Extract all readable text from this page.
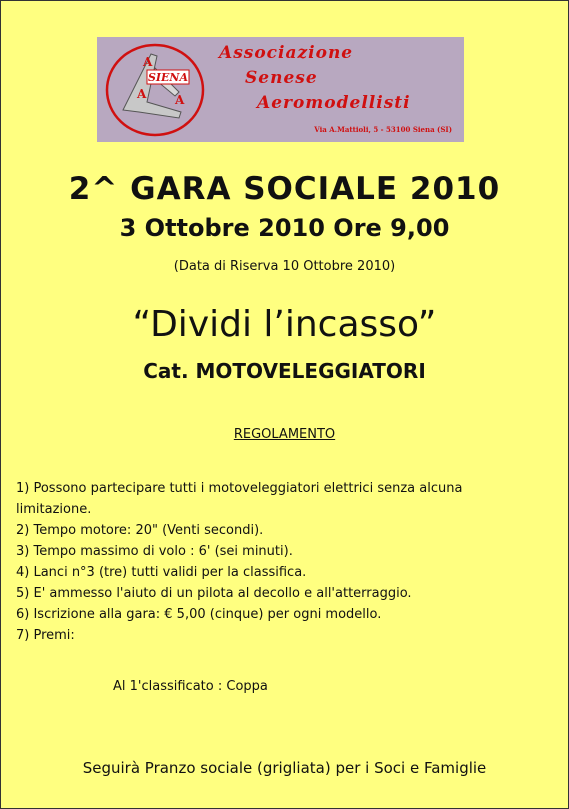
SIENA
A
A A
Associazione
Senese
Aeromodellisti
Via A.Mattioli, 5 - 53100 Siena (SI)
2^ GARA SOCIALE 2010
3 Ottobre 2010 Ore 9,00
(Data di Riserva 10 Ottobre 2010)
“Dividi l’incasso”
Cat. MOTOVELEGGIATORI
REGOLAMENTO
1) Possono partecipare tutti i motoveleggiatori elettrici senza alcuna
limitazione.
2) Tempo motore: 20" (Venti secondi).
3) Tempo massimo di volo : 6' (sei minuti).
4) Lanci n°3 (tre) tutti validi per la classifica.
5) E' ammesso l'aiuto di un pilota al decollo e all'atterraggio.
6) Iscrizione alla gara: € 5,00 (cinque) per ogni modello.
7) Premi:
Al 1'classificato : Coppa
Seguirà Pranzo sociale (grigliata) per i Soci e Famiglie
